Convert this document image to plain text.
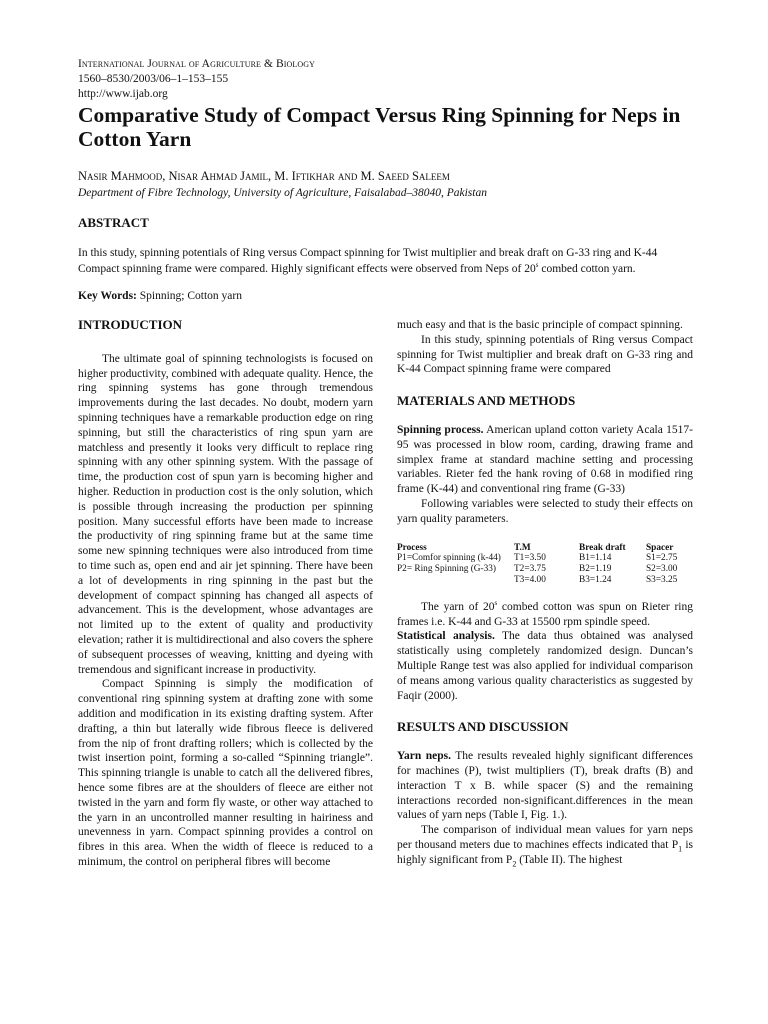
International Journal of Agriculture & Biology
1560–8530/2003/06–1–153–155
http://www.ijab.org
Comparative Study of Compact Versus Ring Spinning for Neps in Cotton Yarn
Nasir Mahmood, Nisar Ahmad Jamil, M. Iftikhar and M. Saeed Saleem
Department of Fibre Technology, University of Agriculture, Faisalabad–38040, Pakistan
ABSTRACT
In this study, spinning potentials of Ring versus Compact spinning for Twist multiplier and break draft on G-33 ring and K-44 Compact spinning frame were compared. Highly significant effects were observed from Neps of 20$^s$ combed cotton yarn.
Key Words: Spinning; Cotton yarn
INTRODUCTION

The ultimate goal of spinning technologists is focused on higher productivity, combined with adequate quality. Hence, the ring spinning systems has gone through tremendous improvements during the last decades. No doubt, modern yarn spinning techniques have a remarkable production edge on ring spinning, but still the characteristics of ring spun yarn are matchless and presently it looks very difficult to replace ring spinning with any other spinning system. With the passage of time, the production cost of spun yarn is becoming higher and higher. Reduction in production cost is the only solution, which is possible through increasing the production per spinning position. Many successful efforts have been made to increase the productivity of ring spinning frame but at the same time some new spinning techniques were also introduced from time to time such as, open end and air jet spinning. There have been a lot of developments in ring spinning in the past but the development of compact spinning has changed all aspects of advancement. This is the development, whose advantages are not limited up to the extent of quality and productivity elevation; rather it is multidirectional and also covers the sphere of subsequent processes of weaving, knitting and dyeing with tremendous and significant increase in productivity.

Compact Spinning is simply the modification of conventional ring spinning system at drafting zone with some addition and modification in its existing drafting system. After drafting, a thin but laterally wide fibrous fleece is delivered from the nip of front drafting rollers; which is collected by the twist insertion point, forming a so-called “Spinning triangle”. This spinning triangle is unable to catch all the delivered fibres, hence some fibres are at the shoulders of fleece are either not twisted in the yarn and form fly waste, or other way attached to the yarn in an uncontrolled manner resulting in hairiness and unevenness in yarn. Compact spinning provides a control on fibres in this area. When the width of fleece is reduced to a minimum, the control on peripheral fibres will become

much easy and that is the basic principle of compact spinning.

In this study, spinning potentials of Ring versus Compact spinning for Twist multiplier and break draft on G-33 ring and K-44 Compact spinning frame were compared

MATERIALS AND METHODS

Spinning process. American upland cotton variety Acala 1517-95 was processed in blow room, carding, drawing frame and simplex frame at standard machine setting and processing variables. Rieter fed the hank roving of 0.68 in modified ring frame (K-44) and conventional ring frame (G-33)

Following variables were selected to study their effects on yarn quality parameters.

Process	T.M	Break draft	Spacer
P1=Comfor spinning (k-44)	T1=3.50	B1=1.14	S1=2.75
P2= Ring Spinning (G-33)	T2=3.75	B2=1.19	S2=3.00
	T3=4.00	B3=1.24	S3=3.25

The yarn of 20$^s$ combed cotton was spun on Rieter ring frames i.e. K-44 and G-33 at 15500 rpm spindle speed.

Statistical analysis. The data thus obtained was analysed statistically using completely randomized design. Duncan’s Multiple Range test was also applied for individual comparison of means among various quality characteristics as suggested by Faqir (2000).

RESULTS AND DISCUSSION

Yarn neps. The results revealed highly significant differences for machines (P), twist multipliers (T), break drafts (B) and interaction T x B. while spacer (S) and the remaining interactions recorded non-significant.differences in the mean values of yarn neps (Table I, Fig. 1.).

The comparison of individual mean values for yarn neps per thousand meters due to machines effects indicated that $P_1$ is highly significant from $P_2$ (Table II). The highest
